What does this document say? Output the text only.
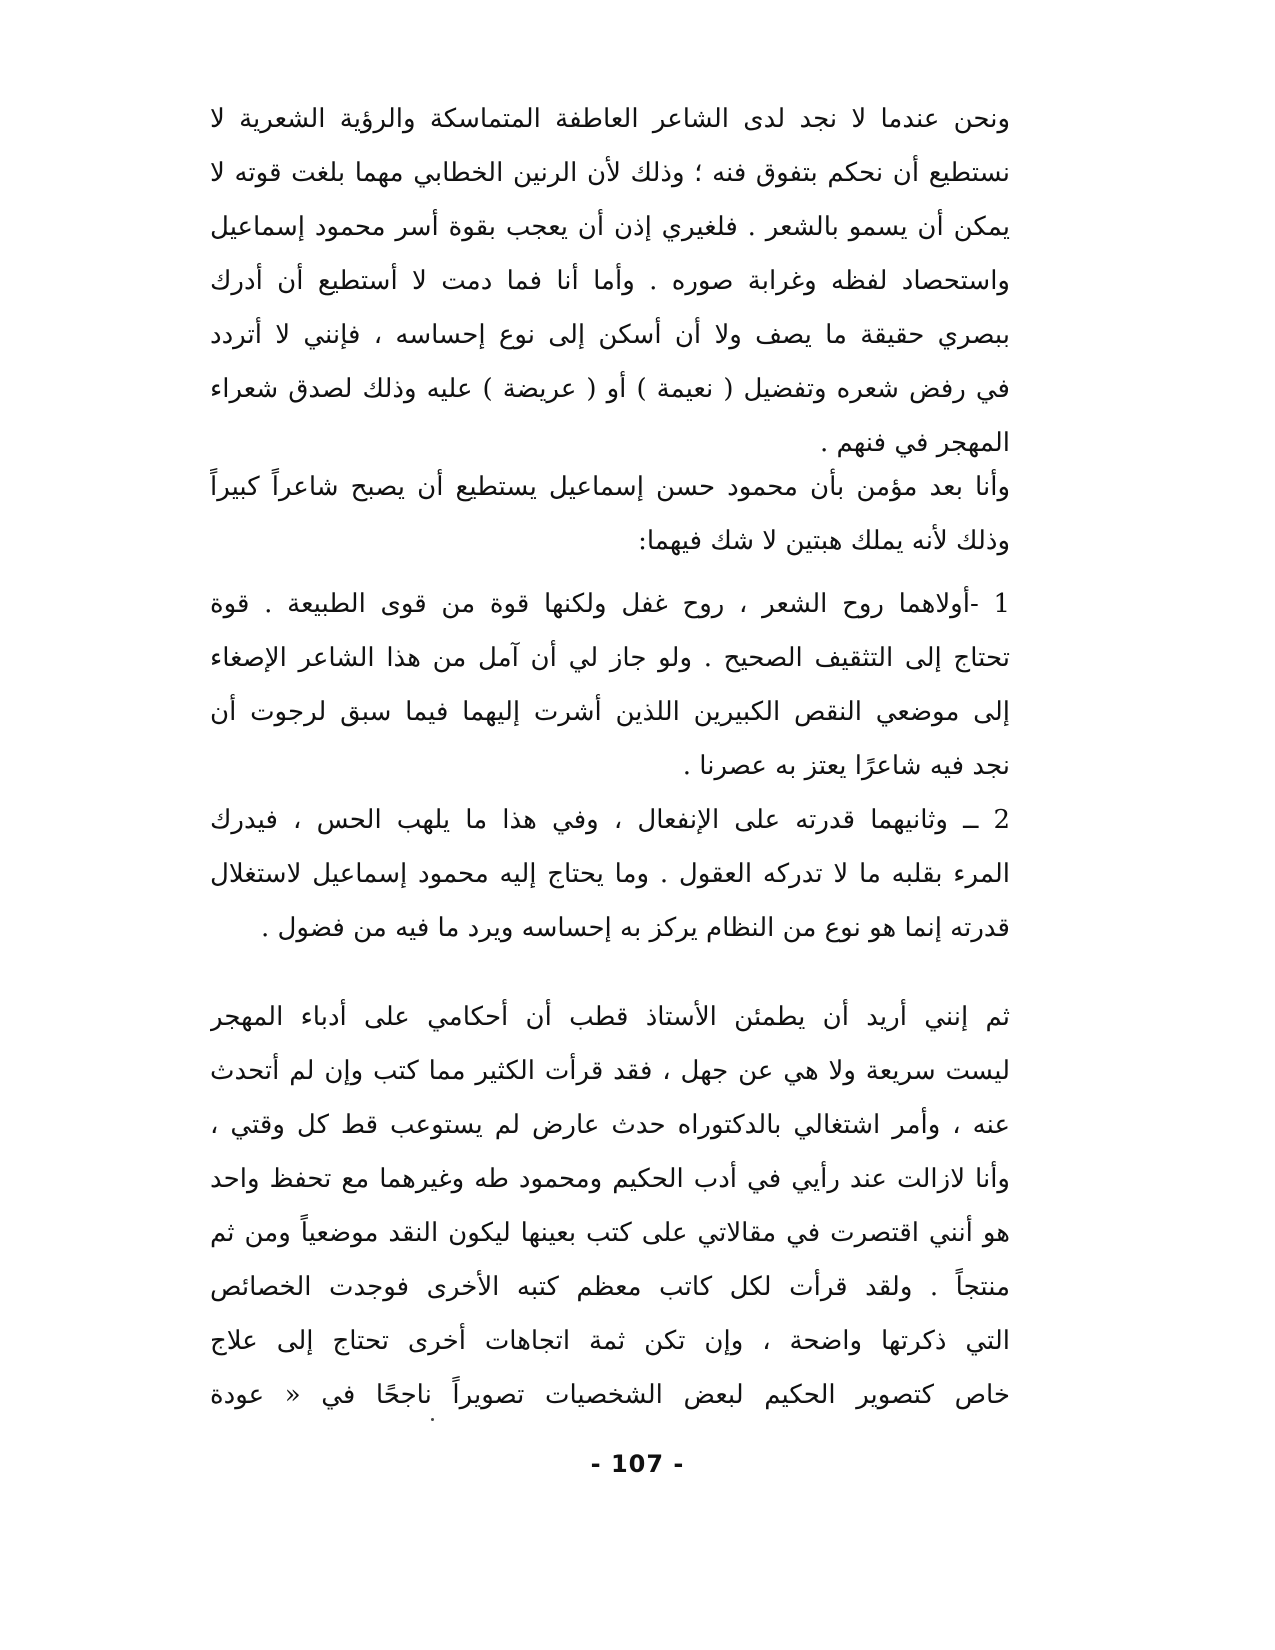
ونحن عندما لا نجد لدى الشاعر العاطفة المتماسكة والرؤية الشعرية لا
نستطيع أن نحكم بتفوق فنه ؛ وذلك لأن الرنين الخطابي مهما بلغت قوته لا
يمكن أن يسمو بالشعر . فلغيري إذن أن يعجب بقوة أسر محمود إسماعيل
واستحصاد لفظه وغرابة صوره . وأما أنا فما دمت لا أستطيع أن أدرك
ببصري حقيقة ما يصف ولا أن أسكن إلى نوع إحساسه ، فإنني لا أتردد
في رفض شعره وتفضيل ( نعيمة ) أو ( عريضة ) عليه وذلك لصدق شعراء
المهجر في فنهم .
وأنا بعد مؤمن بأن محمود حسن إسماعيل يستطيع أن يصبح شاعراً كبيراً
وذلك لأنه يملك هبتين لا شك فيهما:
1 -أولاهما روح الشعر ، روح غفل ولكنها قوة من قوى الطبيعة . قوة
تحتاج إلى التثقيف الصحيح . ولو جاز لي أن آمل من هذا الشاعر الإصغاء
إلى موضعي النقص الكبيرين اللذين أشرت إليهما فيما سبق لرجوت أن
نجد فيه شاعرًا يعتز به عصرنا .
2 ــ وثانيهما قدرته على الإنفعال ، وفي هذا ما يلهب الحس ، فيدرك
المرء بقلبه ما لا تدركه العقول . وما يحتاج إليه محمود إسماعيل لاستغلال
قدرته إنما هو نوع من النظام يركز به إحساسه ويرد ما فيه من فضول .
ثم إنني أريد أن يطمئن الأستاذ قطب أن أحكامي على أدباء المهجر
ليست سريعة ولا هي عن جهل ، فقد قرأت الكثير مما كتب وإن لم أتحدث
عنه ، وأمر اشتغالي بالدكتوراه حدث عارض لم يستوعب قط كل وقتي ،
وأنا لازالت عند رأيي في أدب الحكيم ومحمود طه وغيرهما مع تحفظ واحد
هو أنني اقتصرت في مقالاتي على كتب بعينها ليكون النقد موضعياً ومن ثم
منتجاً . ولقد قرأت لكل كاتب معظم كتبه الأخرى فوجدت الخصائص
التي ذكرتها واضحة ، وإن تكن ثمة اتجاهات أخرى تحتاج إلى علاج
خاص كتصوير الحكيم لبعض الشخصيات تصويراً ناجحًا في « عودة
- 107 -
